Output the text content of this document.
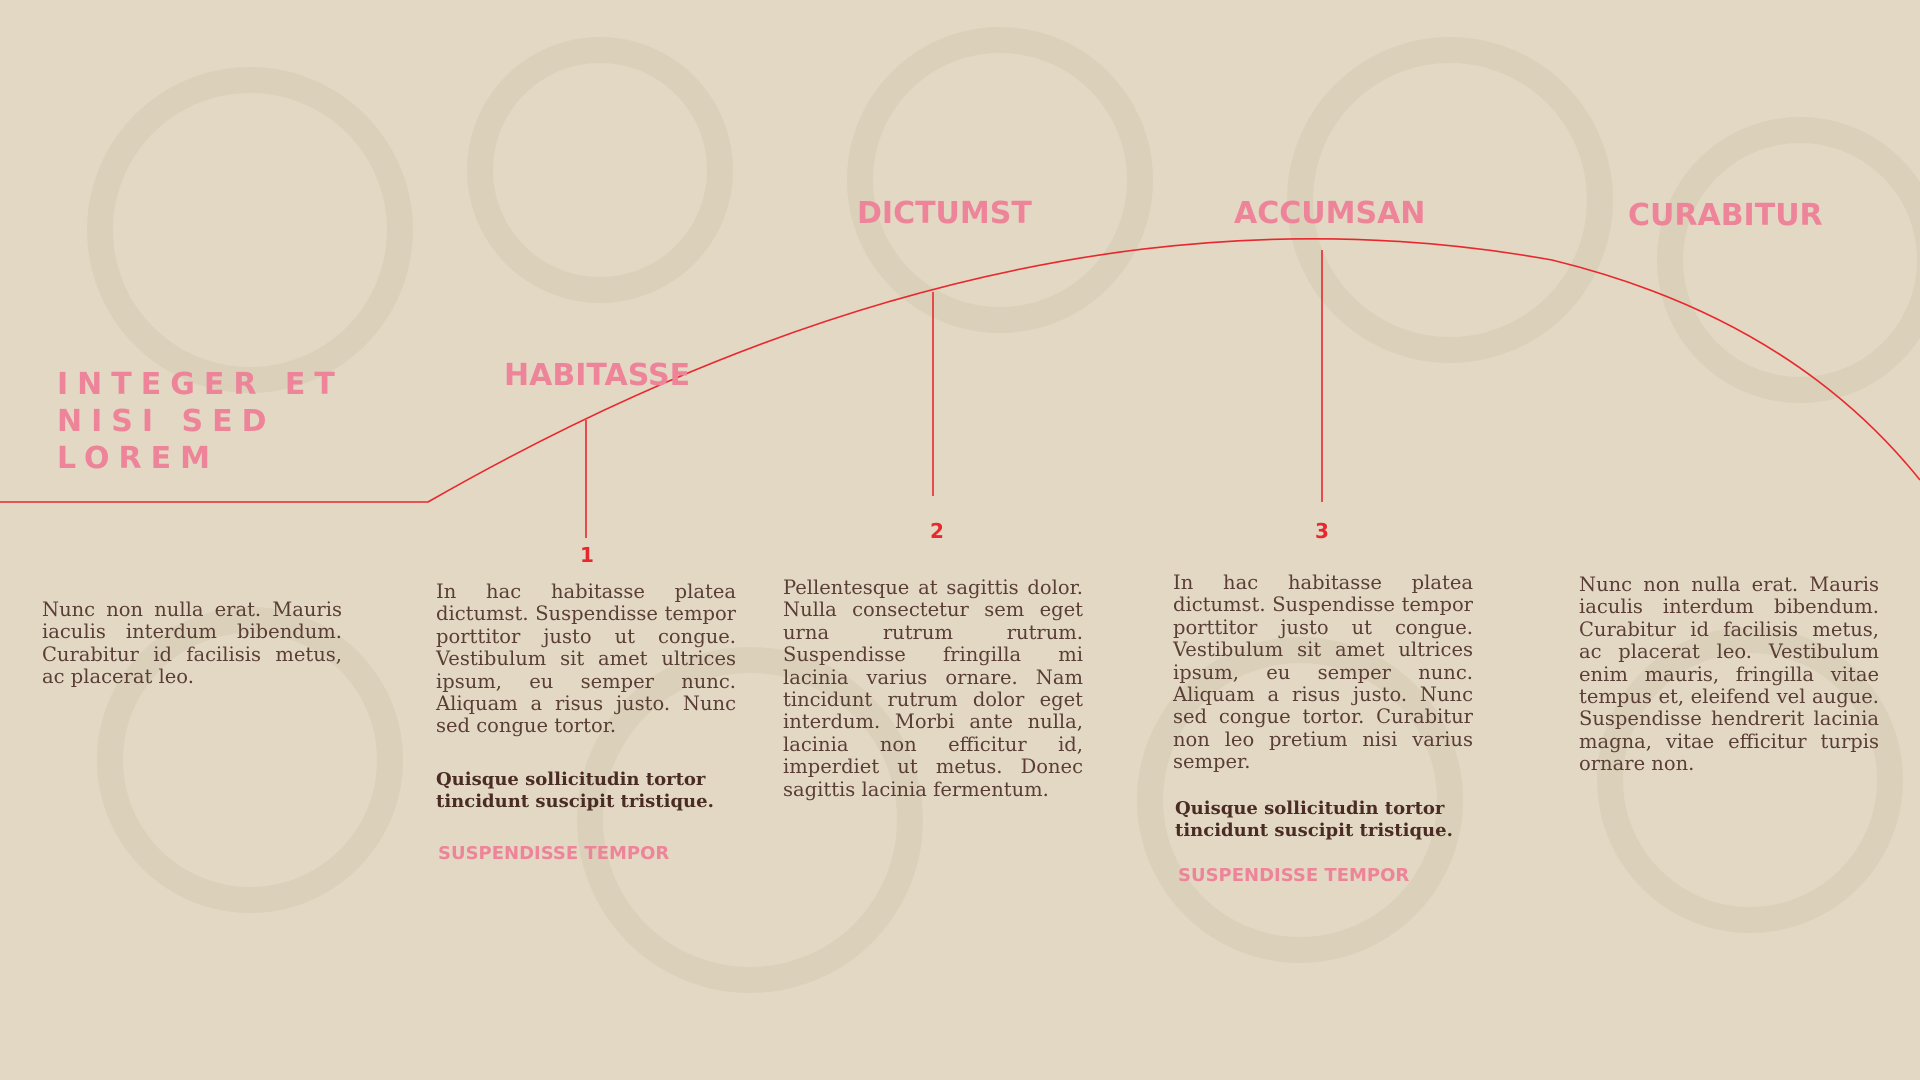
INTEGER ET
NISI SED
LOREM

Nunc non nulla erat. Mauris iaculis interdum bibendum. Curabitur id facilisis metus, ac placerat leo.

HABITASSE
1

In hac habitasse platea dictumst. Suspendisse tempor porttitor justo ut congue. Vestibulum sit amet ultrices ipsum, eu semper nunc. Aliquam a risus justo. Nunc sed congue tortor.

Quisque sollicitudin tortor tincidunt suscipit tristique.

SUSPENDISSE TEMPOR

DICTUMST
2

Pellentesque at sagittis dolor. Nulla consectetur sem eget urna rutrum rutrum. Suspendisse fringilla mi lacinia varius ornare. Nam tincidunt rutrum dolor eget interdum. Morbi ante nulla, lacinia non efficitur id, imperdiet ut metus. Donec sagittis lacinia fermentum.

ACCUMSAN
3

In hac habitasse platea dictumst. Suspendisse tempor porttitor justo ut congue. Vestibulum sit amet ultrices ipsum, eu semper nunc. Aliquam a risus justo. Nunc sed congue tortor. Curabitur non leo pretium nisi varius semper.

Quisque sollicitudin tortor tincidunt suscipit tristique.

SUSPENDISSE TEMPOR

CURABITUR

Nunc non nulla erat. Mauris iaculis interdum bibendum. Curabitur id facilisis metus, ac placerat leo. Vestibulum enim mauris, fringilla vitae tempus et, eleifend vel augue. Suspendisse hendrerit lacinia magna, vitae efficitur turpis ornare non.
